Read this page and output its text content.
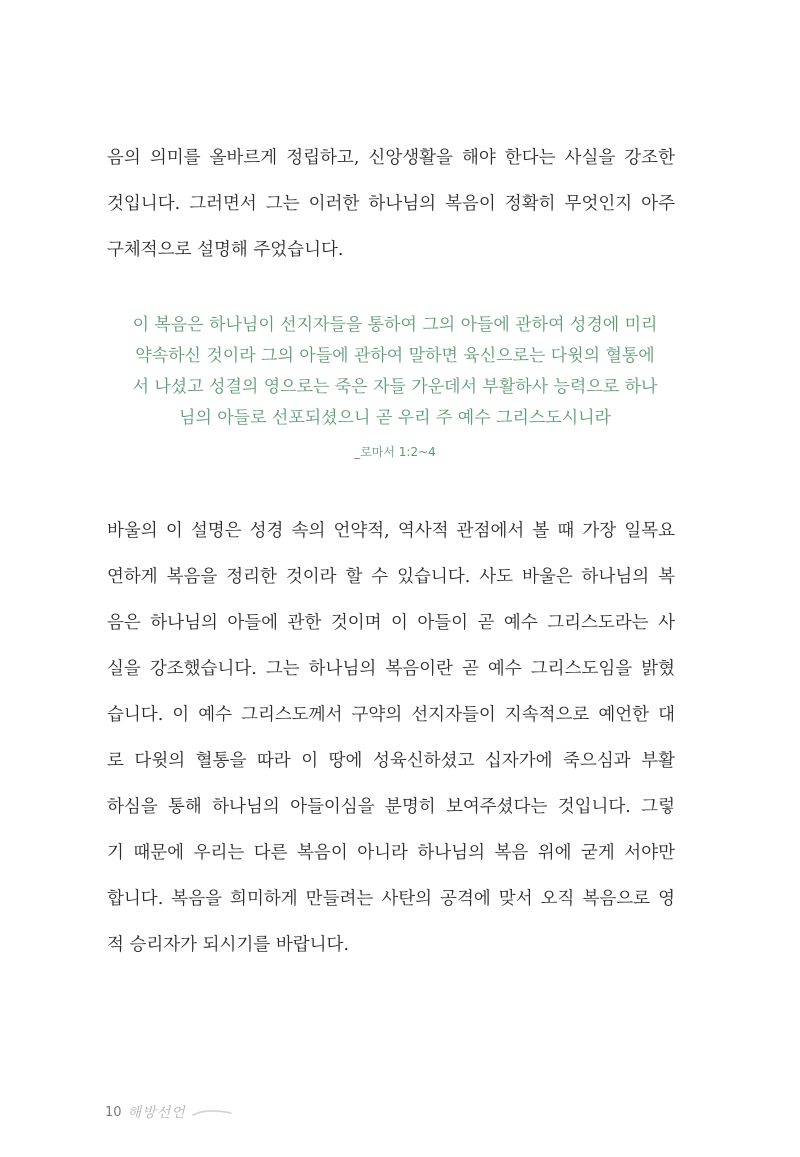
음의 의미를 올바르게 정립하고, 신앙생활을 해야 한다는 사실을 강조한
것입니다. 그러면서 그는 이러한 하나님의 복음이 정확히 무엇인지 아주
구체적으로 설명해 주었습니다.
이 복음은 하나님이 선지자들을 통하여 그의 아들에 관하여 성경에 미리
약속하신 것이라 그의 아들에 관하여 말하면 육신으로는 다윗의 혈통에
서 나셨고 성결의 영으로는 죽은 자들 가운데서 부활하사 능력으로 하나
님의 아들로 선포되셨으니 곧 우리 주 예수 그리스도시니라
_로마서 1:2~4
바울의 이 설명은 성경 속의 언약적, 역사적 관점에서 볼 때 가장 일목요
연하게 복음을 정리한 것이라 할 수 있습니다. 사도 바울은 하나님의 복
음은 하나님의 아들에 관한 것이며 이 아들이 곧 예수 그리스도라는 사
실을 강조했습니다. 그는 하나님의 복음이란 곧 예수 그리스도임을 밝혔
습니다. 이 예수 그리스도께서 구약의 선지자들이 지속적으로 예언한 대
로 다윗의 혈통을 따라 이 땅에 성육신하셨고 십자가에 죽으심과 부활
하심을 통해 하나님의 아들이심을 분명히 보여주셨다는 것입니다. 그렇
기 때문에 우리는 다른 복음이 아니라 하나님의 복음 위에 굳게 서야만
합니다. 복음을 희미하게 만들려는 사탄의 공격에 맞서 오직 복음으로 영
적 승리자가 되시기를 바랍니다.
10 해방선언
